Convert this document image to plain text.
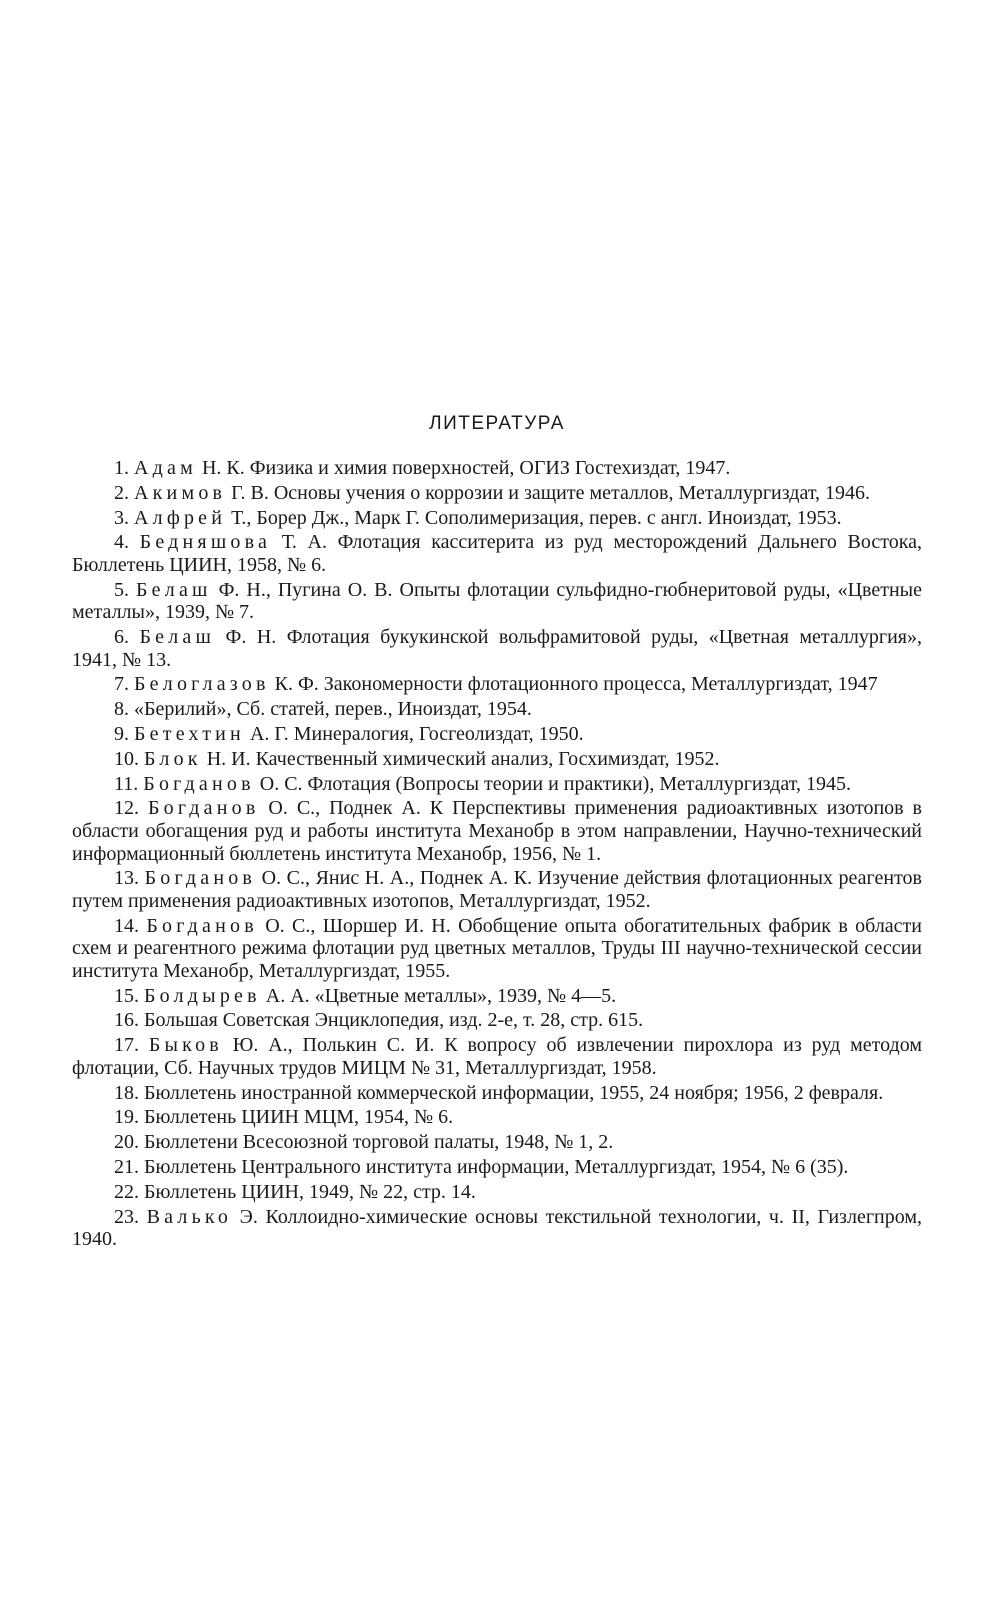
ЛИТЕРАТУРА

1. Адам Н. К. Физика и химия поверхностей, ОГИЗ Гостехиздат, 1947.

2. Акимов Г. В. Основы учения о коррозии и защите металлов, Металлургиздат, 1946.

3. Алфрей Т., Борер Дж., Марк Г. Сополимеризация, перев. с англ. Иноиздат, 1953.

4. Бедняшова Т. А. Флотация касситерита из руд месторождений Дальнего Востока, Бюллетень ЦИИН, 1958, № 6.

5. Белаш Ф. Н., Пугина О. В. Опыты флотации сульфидно-гюбнеритовой руды, «Цветные металлы», 1939, № 7.

6. Белаш Ф. Н. Флотация букукинской вольфрамитовой руды, «Цветная металлургия», 1941, № 13.

7. Белоглазов К. Ф. Закономерности флотационного процесса, Металлургиздат, 1947

8. «Берилий», Сб. статей, перев., Иноиздат, 1954.

9. Бетехтин А. Г. Минералогия, Госгеолиздат, 1950.

10. Блок Н. И. Качественный химический анализ, Госхимиздат, 1952.

11. Богданов О. С. Флотация (Вопросы теории и практики), Металлургиздат, 1945.

12. Богданов О. С., Поднек А. К Перспективы применения радиоактивных изотопов в области обогащения руд и работы института Механобр в этом направлении, Научно-технический информационный бюллетень института Механобр, 1956, № 1.

13. Богданов О. С., Янис Н. А., Поднек А. К. Изучение действия флотационных реагентов путем применения радиоактивных изотопов, Металлургиздат, 1952.

14. Богданов О. С., Шоршер И. Н. Обобщение опыта обогатительных фабрик в области схем и реагентного режима флотации руд цветных металлов, Труды III научно-технической сессии института Механобр, Металлургиздат, 1955.

15. Болдырев А. А. «Цветные металлы», 1939, № 4—5.

16. Большая Советская Энциклопедия, изд. 2-е, т. 28, стр. 615.

17. Быков Ю. А., Полькин С. И. К вопросу об извлечении пирохлора из руд методом флотации, Сб. Научных трудов МИЦМ № 31, Металлургиздат, 1958.

18. Бюллетень иностранной коммерческой информации, 1955, 24 ноября; 1956, 2 февраля.

19. Бюллетень ЦИИН МЦМ, 1954, № 6.

20. Бюллетени Всесоюзной торговой палаты, 1948, № 1, 2.

21. Бюллетень Центрального института информации, Металлургиздат, 1954, № 6 (35).

22. Бюллетень ЦИИН, 1949, № 22, стр. 14.

23. Валько Э. Коллоидно-химические основы текстильной технологии, ч. II, Гизлегпром, 1940.
